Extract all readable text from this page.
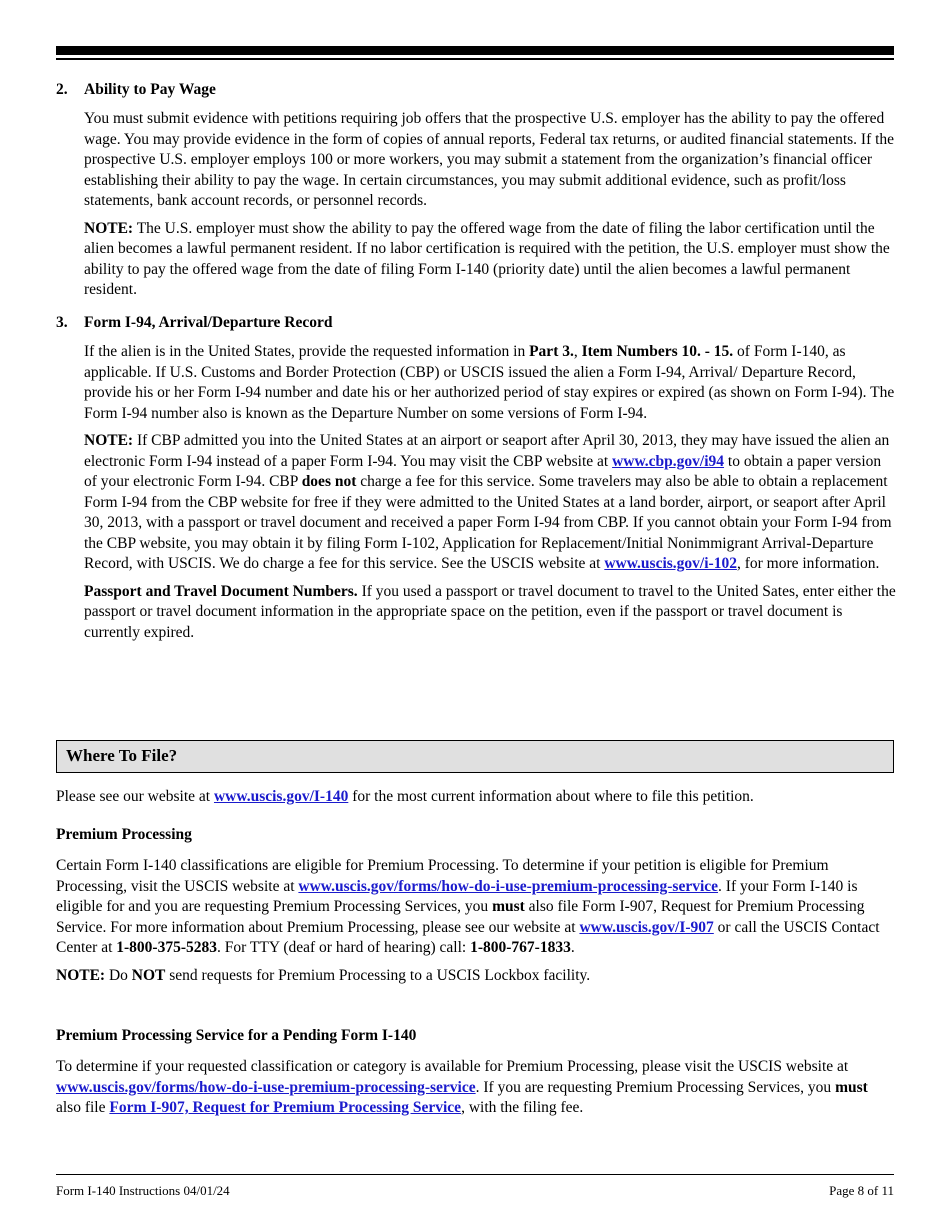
2. Ability to Pay Wage

You must submit evidence with petitions requiring job offers that the prospective U.S. employer has the ability to pay the offered wage. You may provide evidence in the form of copies of annual reports, Federal tax returns, or audited financial statements. If the prospective U.S. employer employs 100 or more workers, you may submit a statement from the organization’s financial officer establishing their ability to pay the wage. In certain circumstances, you may submit additional evidence, such as profit/loss statements, bank account records, or personnel records.

NOTE: The U.S. employer must show the ability to pay the offered wage from the date of filing the labor certification until the alien becomes a lawful permanent resident. If no labor certification is required with the petition, the U.S. employer must show the ability to pay the offered wage from the date of filing Form I-140 (priority date) until the alien becomes a lawful permanent resident.

3. Form I-94, Arrival/Departure Record

If the alien is in the United States, provide the requested information in Part 3., Item Numbers 10. - 15. of Form I-140, as applicable. If U.S. Customs and Border Protection (CBP) or USCIS issued the alien a Form I-94, Arrival/ Departure Record, provide his or her Form I-94 number and date his or her authorized period of stay expires or expired (as shown on Form I-94). The Form I-94 number also is known as the Departure Number on some versions of Form I-94.

NOTE: If CBP admitted you into the United States at an airport or seaport after April 30, 2013, they may have issued the alien an electronic Form I-94 instead of a paper Form I-94. You may visit the CBP website at www.cbp.gov/i94 to obtain a paper version of your electronic Form I-94. CBP does not charge a fee for this service. Some travelers may also be able to obtain a replacement Form I-94 from the CBP website for free if they were admitted to the United States at a land border, airport, or seaport after April 30, 2013, with a passport or travel document and received a paper Form I-94 from CBP. If you cannot obtain your Form I-94 from the CBP website, you may obtain it by filing Form I-102, Application for Replacement/Initial Nonimmigrant Arrival-Departure Record, with USCIS. We do charge a fee for this service. See the USCIS website at www.uscis.gov/i-102, for more information.

Passport and Travel Document Numbers. If you used a passport or travel document to travel to the United Sates, enter either the passport or travel document information in the appropriate space on the petition, even if the passport or travel document is currently expired.

Where To File?

Please see our website at www.uscis.gov/I-140 for the most current information about where to file this petition.

Premium Processing

Certain Form I-140 classifications are eligible for Premium Processing. To determine if your petition is eligible for Premium Processing, visit the USCIS website at www.uscis.gov/forms/how-do-i-use-premium-processing-service. If your Form I-140 is eligible for and you are requesting Premium Processing Services, you must also file Form I-907, Request for Premium Processing Service. For more information about Premium Processing, please see our website at www.uscis.gov/I-907 or call the USCIS Contact Center at 1-800-375-5283. For TTY (deaf or hard of hearing) call: 1-800-767-1833.

NOTE: Do NOT send requests for Premium Processing to a USCIS Lockbox facility.

Premium Processing Service for a Pending Form I-140

To determine if your requested classification or category is available for Premium Processing, please visit the USCIS website at www.uscis.gov/forms/how-do-i-use-premium-processing-service. If you are requesting Premium Processing Services, you must also file Form I-907, Request for Premium Processing Service, with the filing fee.

Form I-140 Instructions 04/01/24	Page 8 of 11
